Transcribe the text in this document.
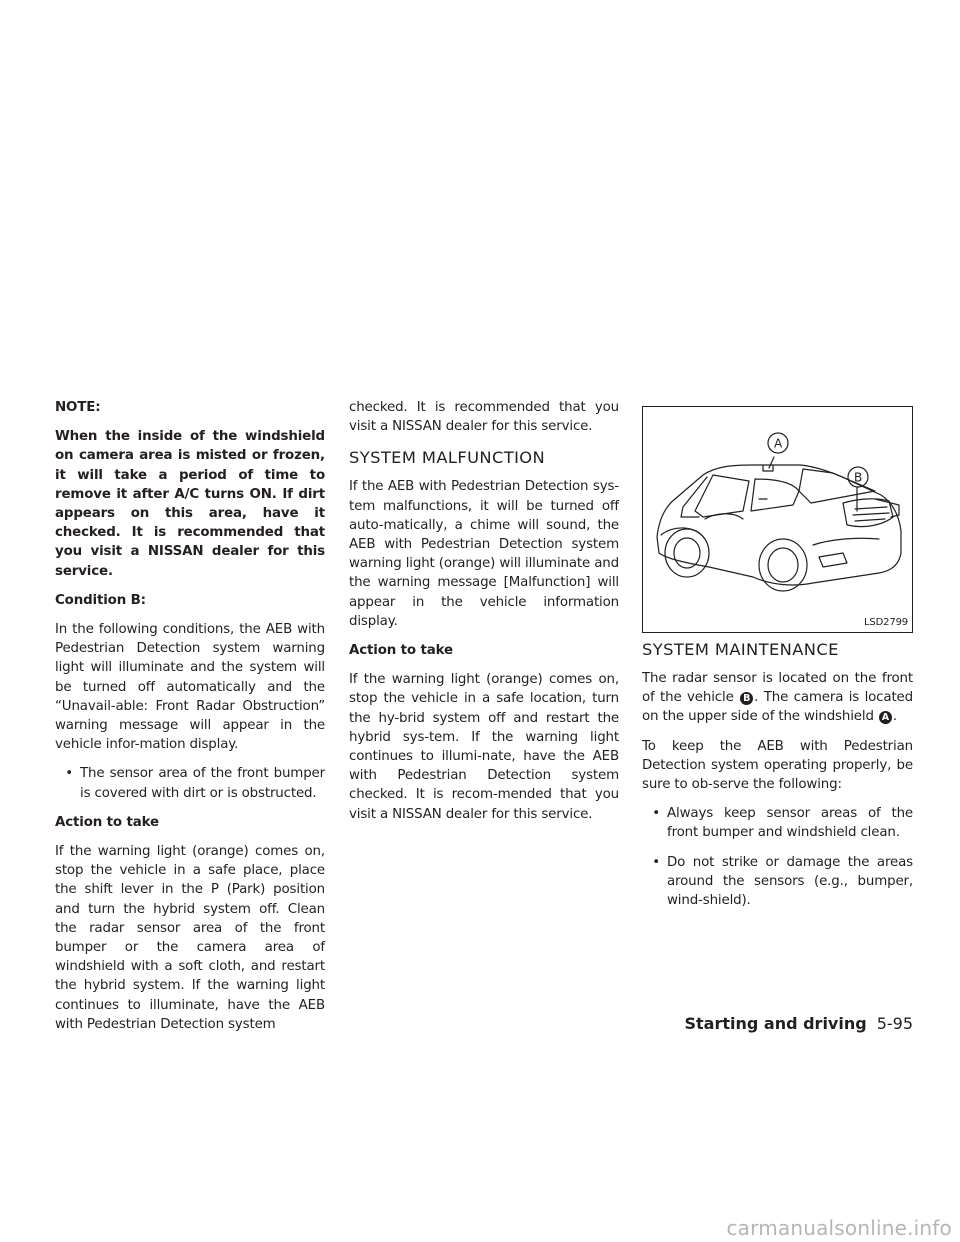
NOTE:

When the inside of the windshield on camera area is misted or frozen, it will take a period of time to remove it after A/C turns ON. If dirt appears on this area, have it checked. It is recommended that you visit a NISSAN dealer for this service.

Condition B:

In the following conditions, the AEB with Pedestrian Detection system warning light will illuminate and the system will be turned off automatically and the “Unavail-able: Front Radar Obstruction” warning message will appear in the vehicle infor-mation display.

• The sensor area of the front bumper is covered with dirt or is obstructed.

Action to take

If the warning light (orange) comes on, stop the vehicle in a safe place, place the shift lever in the P (Park) position and turn the hybrid system off. Clean the radar sensor area of the front bumper or the camera area of windshield with a soft cloth, and restart the hybrid system. If the warning light continues to illuminate, have the AEB with Pedestrian Detection system

checked. It is recommended that you visit a NISSAN dealer for this service.

SYSTEM MALFUNCTION

If the AEB with Pedestrian Detection sys-tem malfunctions, it will be turned off auto-matically, a chime will sound, the AEB with Pedestrian Detection system warning light (orange) will illuminate and the warning message [Malfunction] will appear in the vehicle information display.

Action to take

If the warning light (orange) comes on, stop the vehicle in a safe location, turn the hy-brid system off and restart the hybrid sys-tem. If the warning light continues to illumi-nate, have the AEB with Pedestrian Detection system checked. It is recom-mended that you visit a NISSAN dealer for this service.

A
B
LSD2799
SYSTEM MAINTENANCE

The radar sensor is located on the front of the vehicle B . The camera is located on the upper side of the windshield A .

To keep the AEB with Pedestrian Detection system operating properly, be sure to ob-serve the following:

• Always keep sensor areas of the front bumper and windshield clean.
• Do not strike or damage the areas around the sensors (e.g., bumper, wind-shield).
Starting and driving 5-95
carmanualsonline.info
